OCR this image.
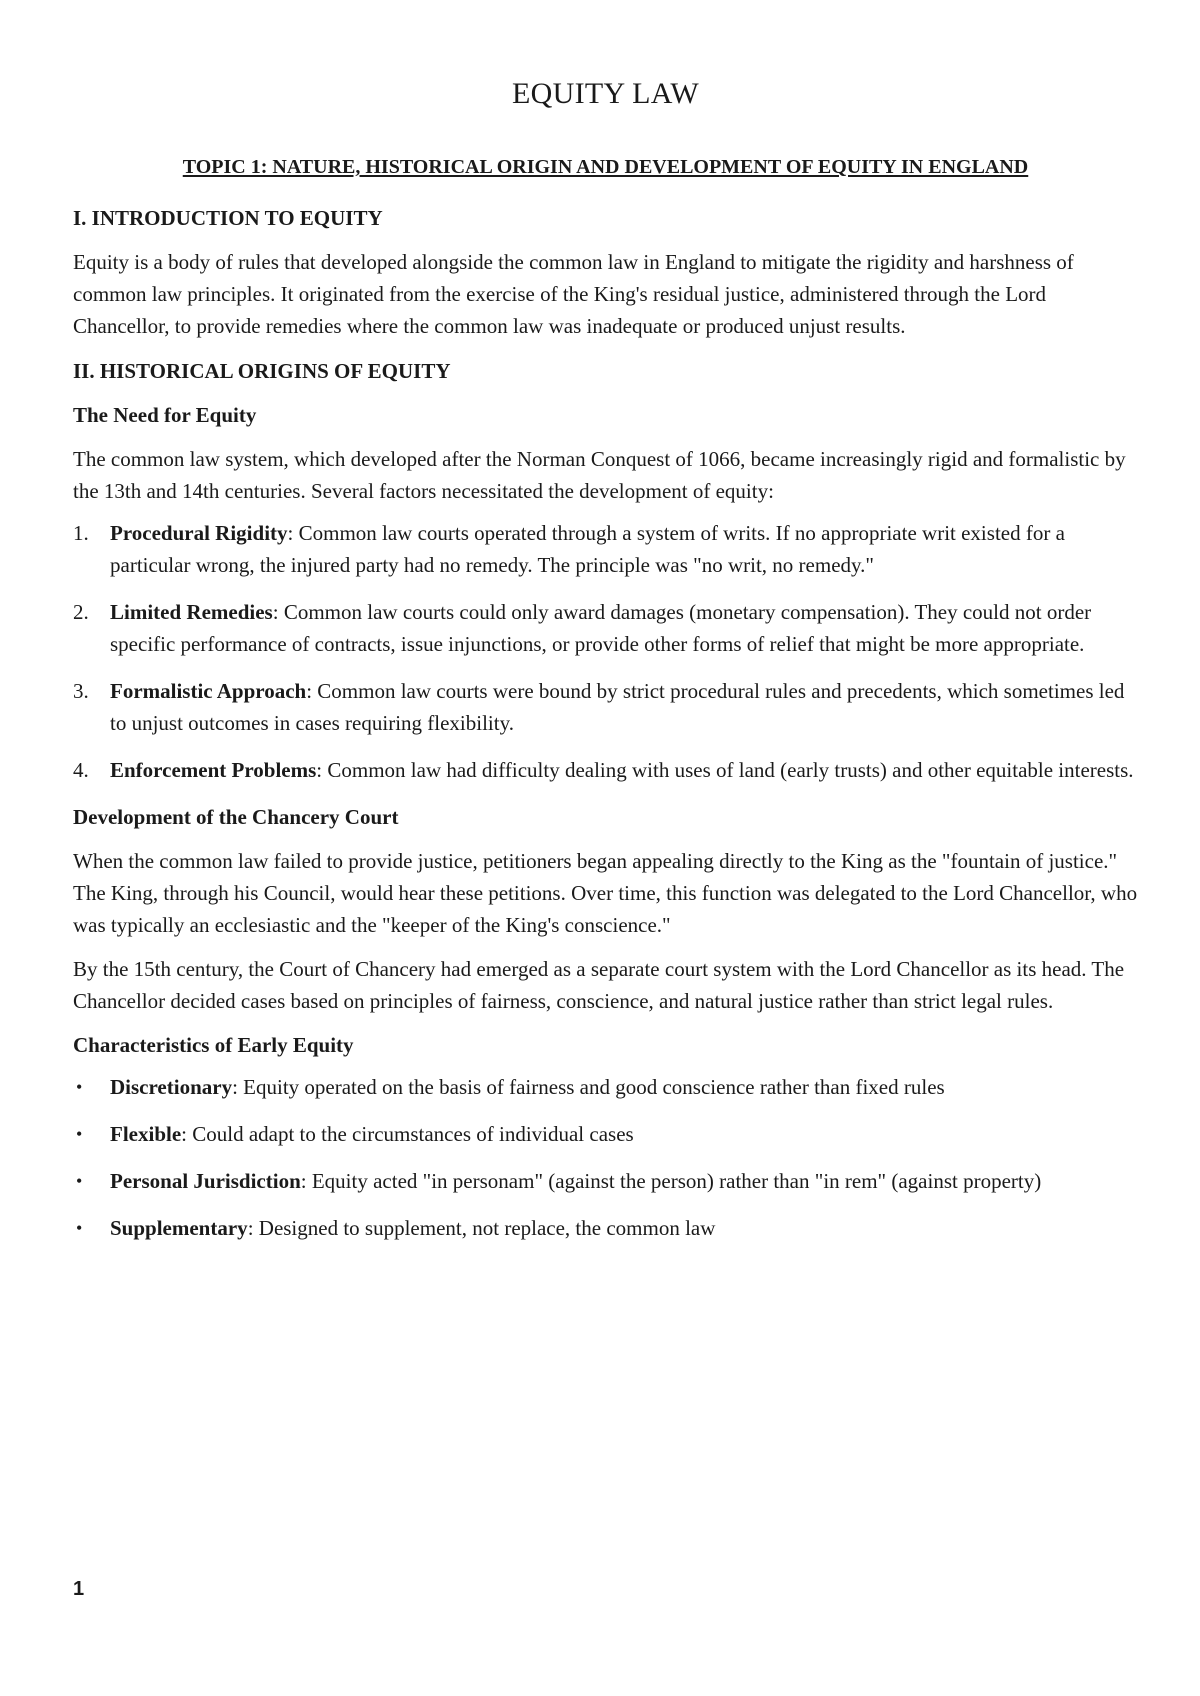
EQUITY LAW
TOPIC 1: NATURE, HISTORICAL ORIGIN AND DEVELOPMENT OF EQUITY IN ENGLAND
I. INTRODUCTION TO EQUITY

Equity is a body of rules that developed alongside the common law in England to mitigate the rigidity and harshness of common law principles. It originated from the exercise of the King's residual justice, administered through the Lord Chancellor, to provide remedies where the common law was inadequate or produced unjust results.

II. HISTORICAL ORIGINS OF EQUITY
The Need for Equity

The common law system, which developed after the Norman Conquest of 1066, became increasingly rigid and formalistic by the 13th and 14th centuries. Several factors necessitated the development of equity:

1. Procedural Rigidity: Common law courts operated through a system of writs. If no appropriate writ existed for a particular wrong, the injured party had no remedy. The principle was "no writ, no remedy."
2. Limited Remedies: Common law courts could only award damages (monetary compensation). They could not order specific performance of contracts, issue injunctions, or provide other forms of relief that might be more appropriate.
3. Formalistic Approach: Common law courts were bound by strict procedural rules and precedents, which sometimes led to unjust outcomes in cases requiring flexibility.
4. Enforcement Problems: Common law had difficulty dealing with uses of land (early trusts) and other equitable interests.
Development of the Chancery Court

When the common law failed to provide justice, petitioners began appealing directly to the King as the "fountain of justice." The King, through his Council, would hear these petitions. Over time, this function was delegated to the Lord Chancellor, who was typically an ecclesiastic and the "keeper of the King's conscience."

By the 15th century, the Court of Chancery had emerged as a separate court system with the Lord Chancellor as its head. The Chancellor decided cases based on principles of fairness, conscience, and natural justice rather than strict legal rules.

Characteristics of Early Equity
• Discretionary: Equity operated on the basis of fairness and good conscience rather than fixed rules
• Flexible: Could adapt to the circumstances of individual cases
• Personal Jurisdiction: Equity acted "in personam" (against the person) rather than "in rem" (against property)
• Supplementary: Designed to supplement, not replace, the common law
1
